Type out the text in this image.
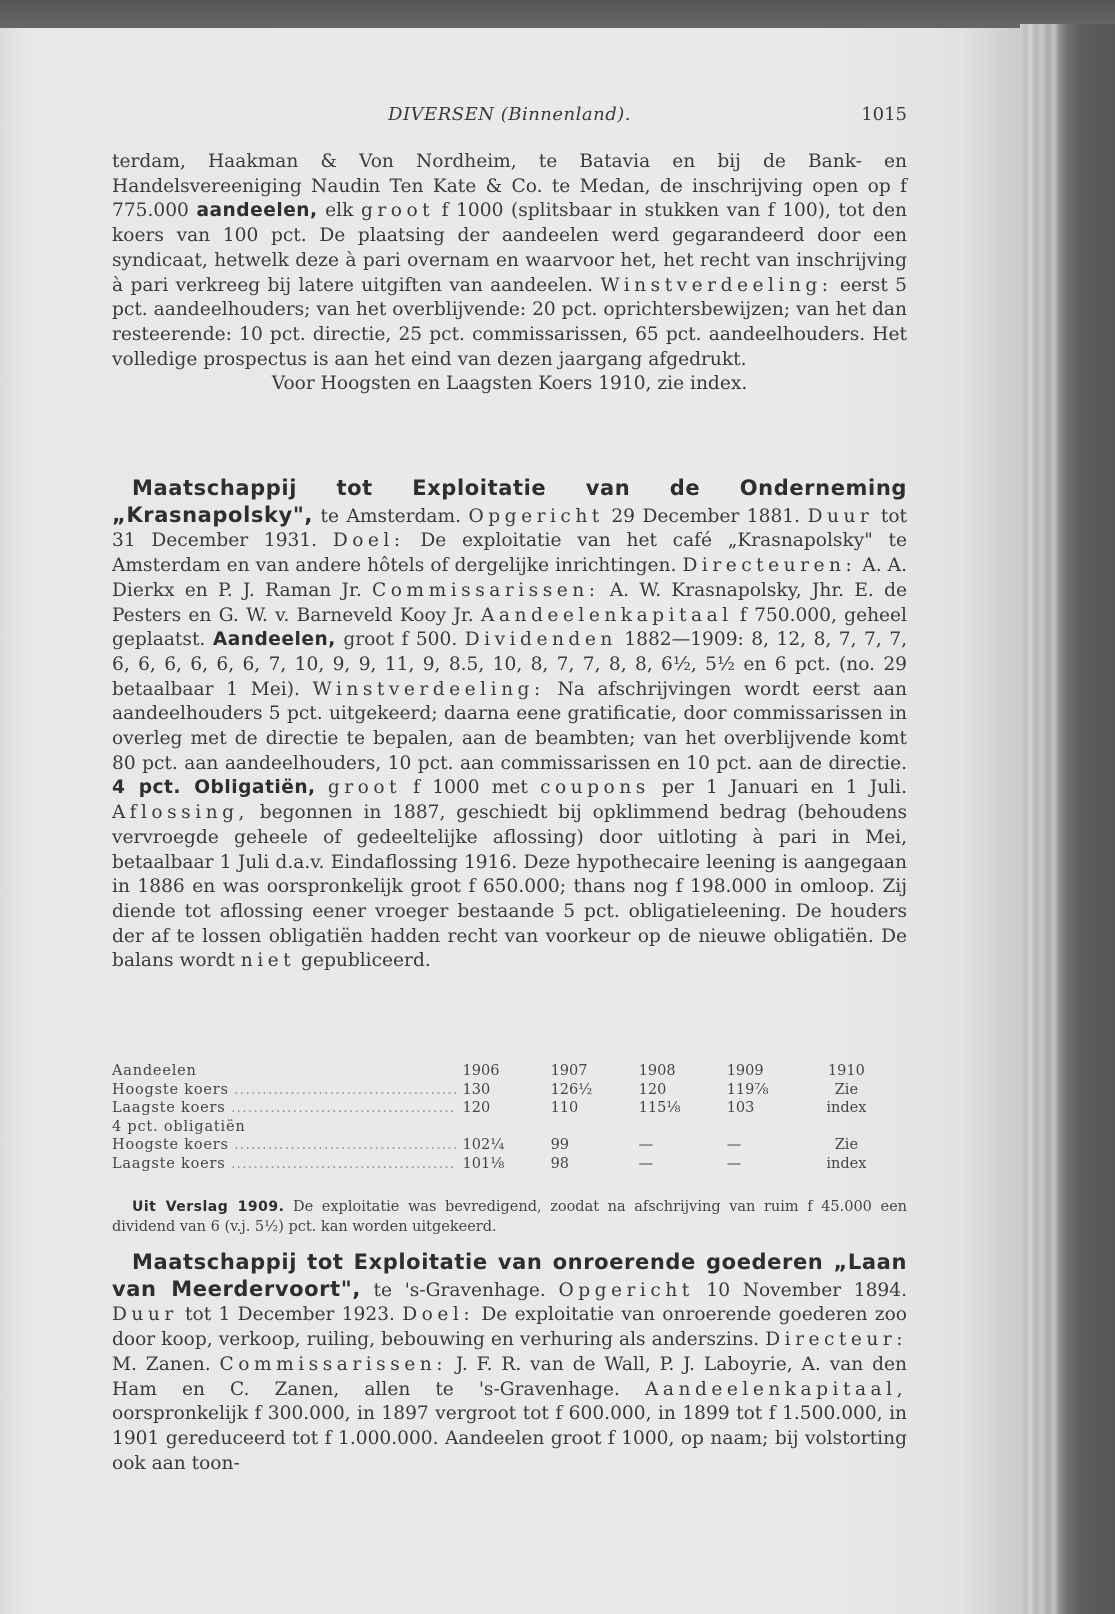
DIVERSEN (Binnenland).	1015

terdam, Haakman & Von Nordheim, te Batavia en bij de Bank- en Handelsvereeniging Naudin Ten Kate & Co. te Medan, de inschrijving open op f 775.000 aandeelen, elk groot f 1000 (splitsbaar in stukken van f 100), tot den koers van 100 pct. De plaatsing der aandeelen werd gegarandeerd door een syndicaat, hetwelk deze à pari overnam en waarvoor het, het recht van inschrijving à pari verkreeg bij latere uitgiften van aandeelen. Winstverdeeling: eerst 5 pct. aandeelhouders; van het overblijvende: 20 pct. oprichtersbewijzen; van het dan resteerende: 10 pct. directie, 25 pct. commissarissen, 65 pct. aandeelhouders. Het volledige prospectus is aan het eind van dezen jaargang afgedrukt.

Voor Hoogsten en Laagsten Koers 1910, zie index.

Maatschappij tot Exploitatie van de Onderneming „Krasnapolsky", te Amsterdam. Opgericht 29 December 1881. Duur tot 31 December 1931. Doel: De exploitatie van het café „Krasnapolsky" te Amsterdam en van andere hôtels of dergelijke inrichtingen. Directeuren: A. A. Dierkx en P. J. Raman Jr. Commissarissen: A. W. Krasnapolsky, Jhr. E. de Pesters en G. W. v. Barneveld Kooy Jr. Aandeelenkapitaal f 750.000, geheel geplaatst. Aandeelen, groot f 500. Dividenden 1882—1909: 8, 12, 8, 7, 7, 7, 6, 6, 6, 6, 6, 6, 7, 10, 9, 9, 11, 9, 8.5, 10, 8, 7, 7, 8, 8, 6½, 5½ en 6 pct. (no. 29 betaalbaar 1 Mei). Winstverdeeling: Na afschrijvingen wordt eerst aan aandeelhouders 5 pct. uitgekeerd; daarna eene gratificatie, door commissarissen in overleg met de directie te bepalen, aan de beambten; van het overblijvende komt 80 pct. aan aandeelhouders, 10 pct. aan commissarissen en 10 pct. aan de directie. 4 pct. Obligatiën, groot f 1000 met coupons per 1 Januari en 1 Juli. Aflossing, begonnen in 1887, geschiedt bij opklimmend bedrag (behoudens vervroegde geheele of gedeeltelijke aflossing) door uitloting à pari in Mei, betaalbaar 1 Juli d.a.v. Eindaflossing 1916. Deze hypothecaire leening is aangegaan in 1886 en was oorspronkelijk groot f 650.000; thans nog f 198.000 in omloop. Zij diende tot aflossing eener vroeger bestaande 5 pct. obligatieleening. De houders der af te lossen obligatiën hadden recht van voorkeur op de nieuwe obligatiën. De balans wordt niet gepubliceerd.

Aandeelen	1906	1907	1908	1909	1910
Hoogste koers ........................................	130	126½	120	119⅞	Zie
Laagste koers ........................................	120	110	115⅛	103	index
4 pct. obligatiën					
Hoogste koers ........................................	102¼	99	—	—	Zie
Laagste koers ........................................	101⅛	98	—	—	index

Uit Verslag 1909. De exploitatie was bevredigend, zoodat na afschrijving van ruim f 45.000 een dividend van 6 (v.j. 5½) pct. kan worden uitgekeerd.

Maatschappij tot Exploitatie van onroerende goederen „Laan van Meerdervoort", te 's-Gravenhage. Opgericht 10 November 1894. Duur tot 1 December 1923. Doel: De exploitatie van onroerende goederen zoo door koop, verkoop, ruiling, bebouwing en verhuring als anderszins. Directeur: M. Zanen. Commissarissen: J. F. R. van de Wall, P. J. Laboyrie, A. van den Ham en C. Zanen, allen te 's-Gravenhage. Aandeelenkapitaal, oorspronkelijk f 300.000, in 1897 vergroot tot f 600.000, in 1899 tot f 1.500.000, in 1901 gereduceerd tot f 1.000.000. Aandeelen groot f 1000, op naam; bij volstorting ook aan toon-
